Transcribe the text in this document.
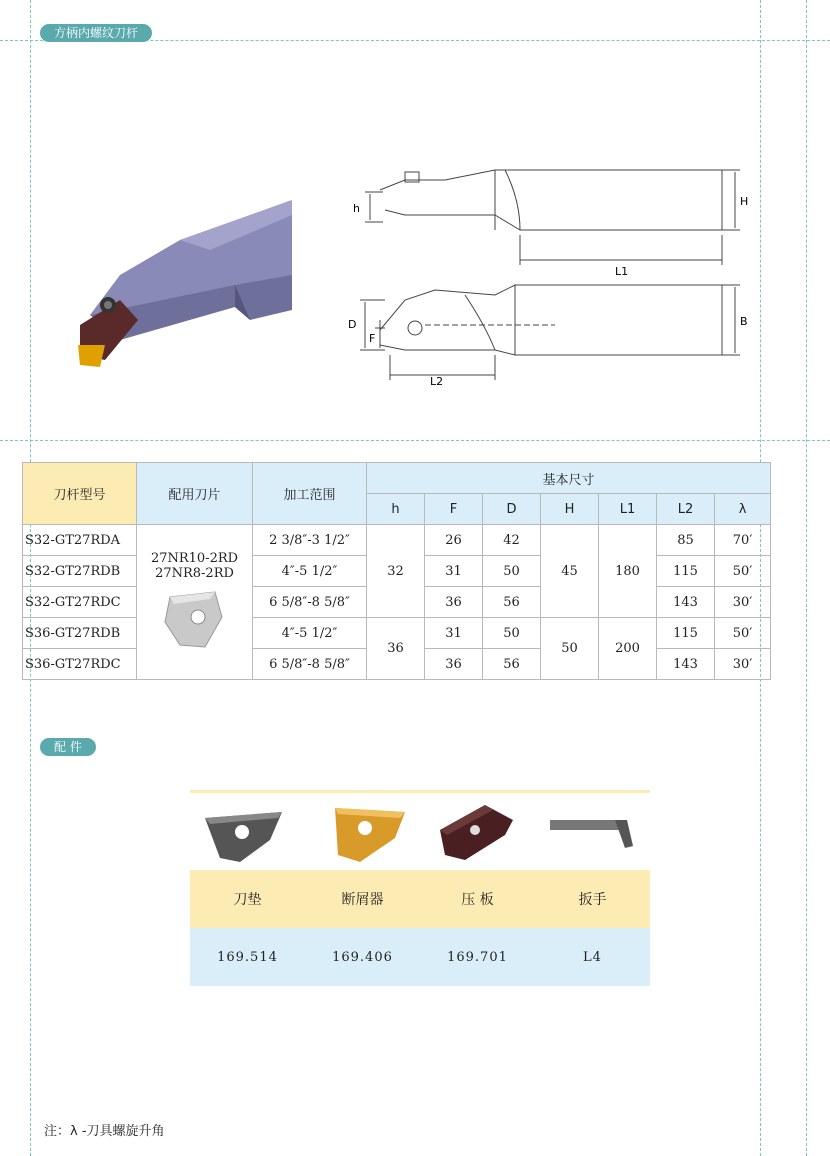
方柄内螺纹刀杆
h
H
L1
D
F
B
L2
刀杆型号	配用刀片	加工范围	基本尺寸						
			h	F	D	H	L1	L2	λ
S32-GT27RDA	27NR10-2RD
27NR8-2RD	2 3/8″-3 1/2″	32	26	42	45	180	85	70′
S32-GT27RDB		4″-5 1/2″		31	50			115	50′
S32-GT27RDC		6 5/8″-8 5/8″		36	56			143	30′
S36-GT27RDB		4″-5 1/2″	36	31	50	50	200	115	50′
S36-GT27RDC		6 5/8″-8 5/8″		36	56			143	30′
配 件
刀垫	断屑器	压 板	扳手
169.514	169.406	169.701	L4
注：λ -刀具螺旋升角
